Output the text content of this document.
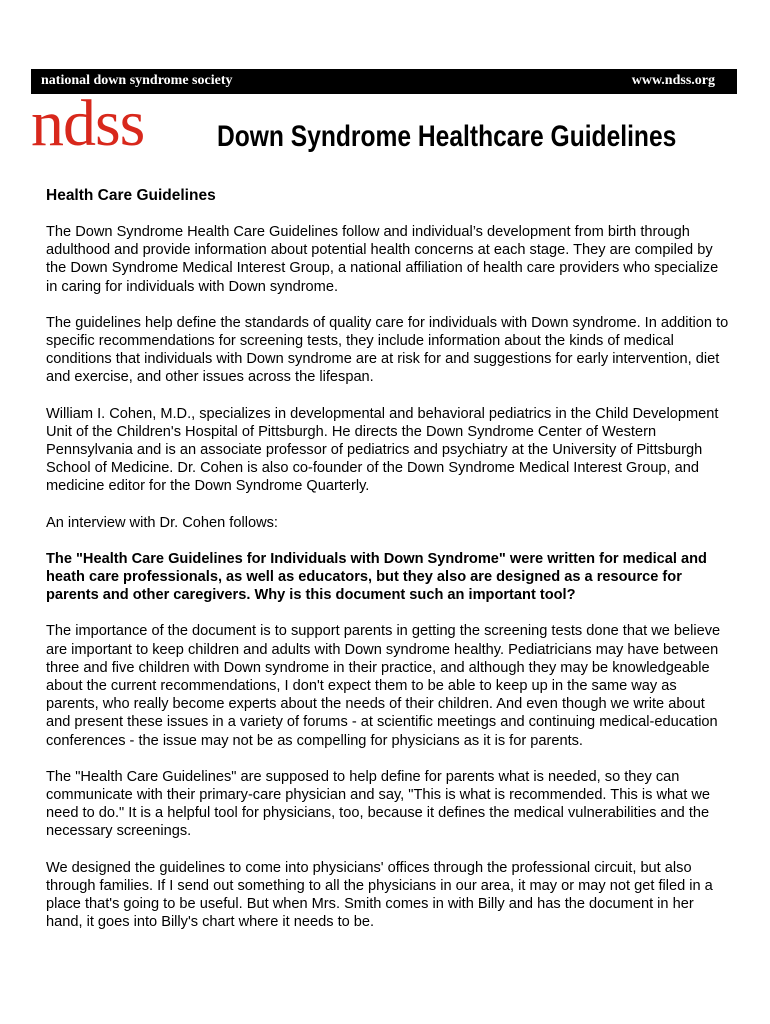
national down syndrome society	www.ndss.org
ndss Down Syndrome Healthcare Guidelines
Health Care Guidelines

The Down Syndrome Health Care Guidelines follow and individual’s development from birth through adulthood and provide information about potential health concerns at each stage. They are compiled by the Down Syndrome Medical Interest Group, a national affiliation of health care providers who specialize in caring for individuals with Down syndrome.

The guidelines help define the standards of quality care for individuals with Down syndrome. In addition to specific recommendations for screening tests, they include information about the kinds of medical conditions that individuals with Down syndrome are at risk for and suggestions for early intervention, diet and exercise, and other issues across the lifespan.

William I. Cohen, M.D., specializes in developmental and behavioral pediatrics in the Child Development Unit of the Children's Hospital of Pittsburgh. He directs the Down Syndrome Center of Western Pennsylvania and is an associate professor of pediatrics and psychiatry at the University of Pittsburgh School of Medicine. Dr. Cohen is also co-founder of the Down Syndrome Medical Interest Group, and medicine editor for the Down Syndrome Quarterly.

An interview with Dr. Cohen follows:

The "Health Care Guidelines for Individuals with Down Syndrome" were written for medical and heath care professionals, as well as educators, but they also are designed as a resource for parents and other caregivers. Why is this document such an important tool?

The importance of the document is to support parents in getting the screening tests done that we believe are important to keep children and adults with Down syndrome healthy. Pediatricians may have between three and five children with Down syndrome in their practice, and although they may be knowledgeable about the current recommendations, I don't expect them to be able to keep up in the same way as parents, who really become experts about the needs of their children. And even though we write about and present these issues in a variety of forums - at scientific meetings and continuing medical-education conferences - the issue may not be as compelling for physicians as it is for parents.

The "Health Care Guidelines" are supposed to help define for parents what is needed, so they can communicate with their primary-care physician and say, "This is what is recommended. This is what we need to do." It is a helpful tool for physicians, too, because it defines the medical vulnerabilities and the necessary screenings.

We designed the guidelines to come into physicians' offices through the professional circuit, but also through families. If I send out something to all the physicians in our area, it may or may not get filed in a place that's going to be useful. But when Mrs. Smith comes in with Billy and has the document in her hand, it goes into Billy's chart where it needs to be.
